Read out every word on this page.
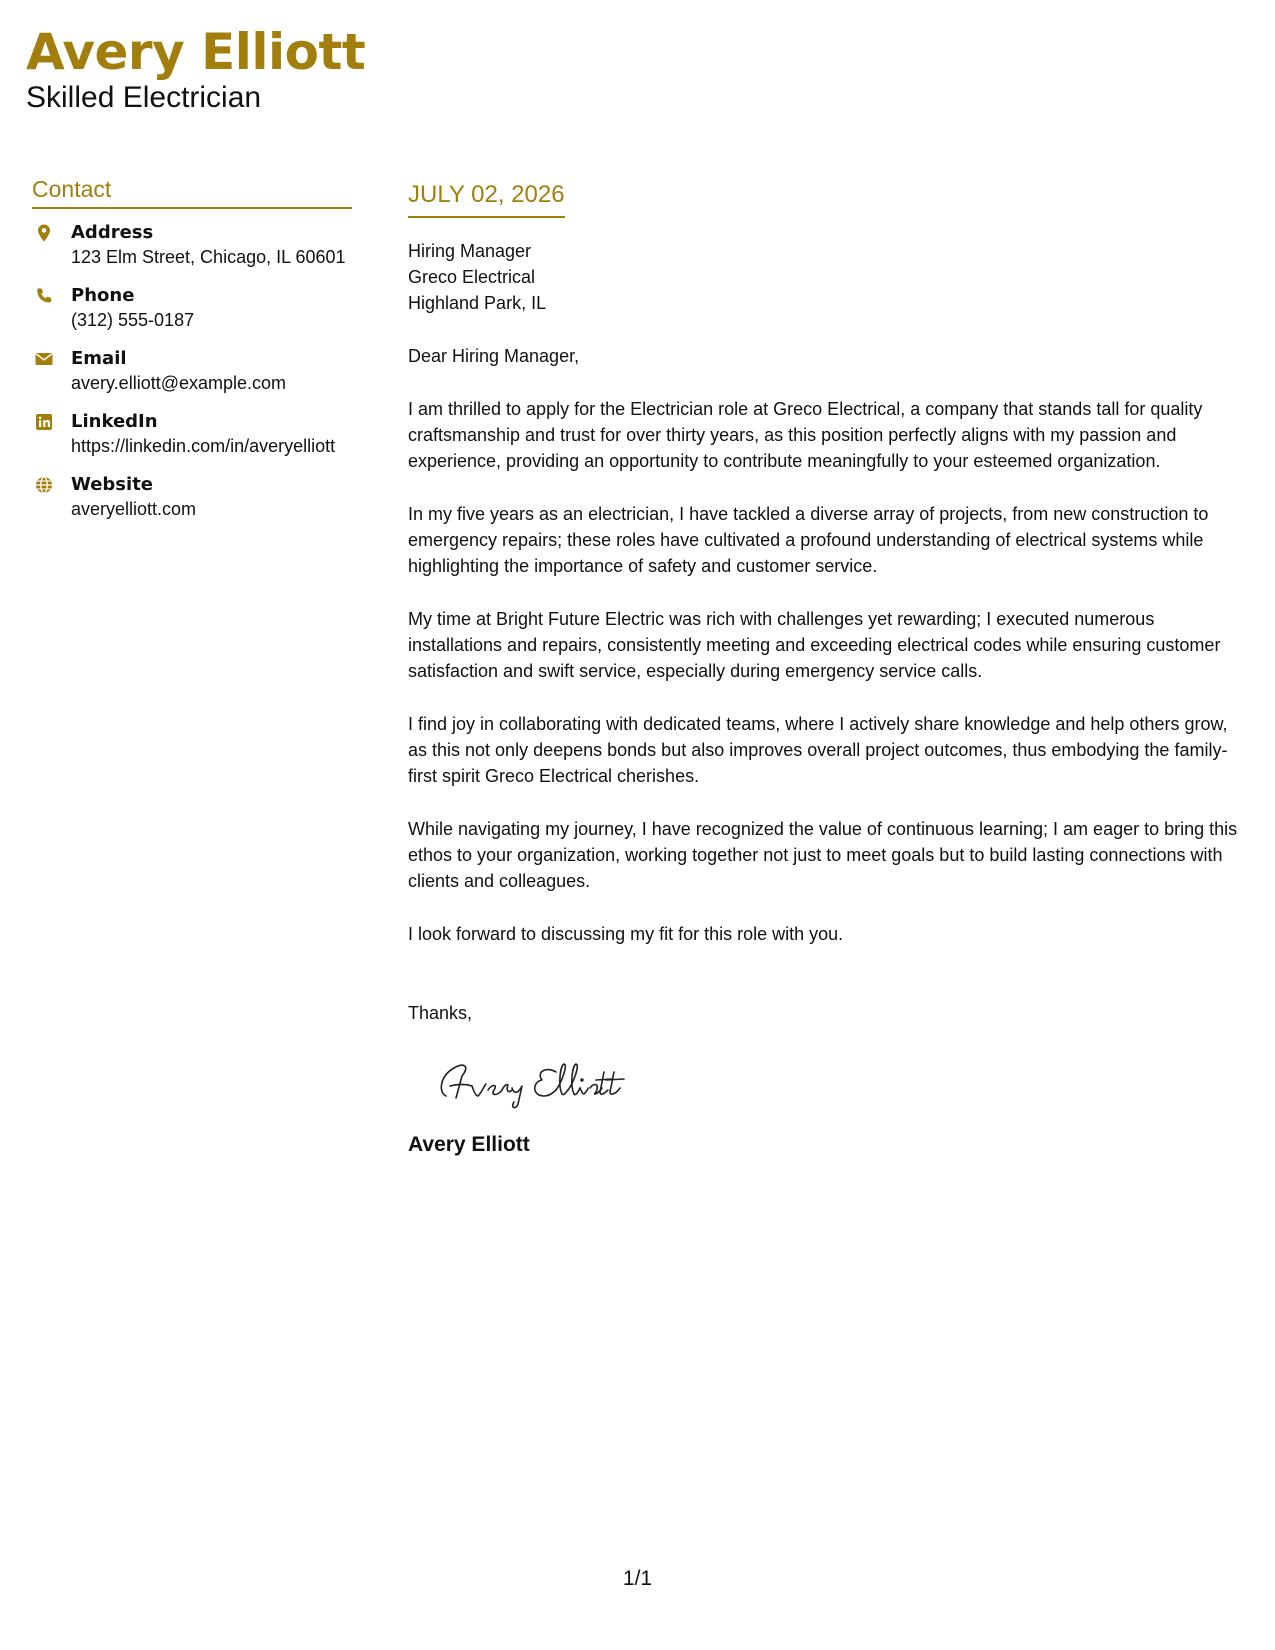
Avery Elliott
Skilled Electrician
Contact
Address
123 Elm Street, Chicago, IL 60601
Phone
(312) 555-0187
Email
avery.elliott@example.com
LinkedIn
https://linkedin.com/in/averyelliott
Website
averyelliott.com
JULY 02, 2026
Hiring Manager
Greco Electrical
Highland Park, IL
Dear Hiring Manager,
I am thrilled to apply for the Electrician role at Greco Electrical, a company that stands tall for quality craftsmanship and trust for over thirty years, as this position perfectly aligns with my passion and experience, providing an opportunity to contribute meaningfully to your esteemed organization.
In my five years as an electrician, I have tackled a diverse array of projects, from new construction to emergency repairs; these roles have cultivated a profound understanding of electrical systems while highlighting the importance of safety and customer service.
My time at Bright Future Electric was rich with challenges yet rewarding; I executed numerous installations and repairs, consistently meeting and exceeding electrical codes while ensuring customer satisfaction and swift service, especially during emergency service calls.
I find joy in collaborating with dedicated teams, where I actively share knowledge and help others grow, as this not only deepens bonds but also improves overall project outcomes, thus embodying the family-first spirit Greco Electrical cherishes.
While navigating my journey, I have recognized the value of continuous learning; I am eager to bring this ethos to your organization, working together not just to meet goals but to build lasting connections with clients and colleagues.
I look forward to discussing my fit for this role with you.
Thanks,
Avery Elliott
1/1
